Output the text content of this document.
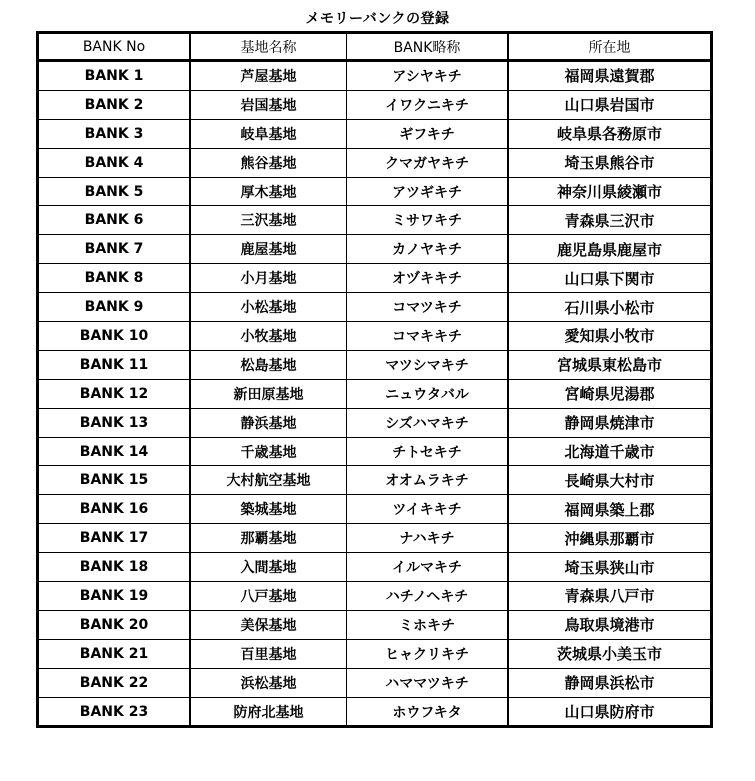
メモリーバンクの登録
BANK No	基地名称	BANK略称	所在地
BANK 1	芦屋基地	アシヤキチ	福岡県遠賀郡
BANK 2	岩国基地	イワクニキチ	山口県岩国市
BANK 3	岐阜基地	ギフキチ	岐阜県各務原市
BANK 4	熊谷基地	クマガヤキチ	埼玉県熊谷市
BANK 5	厚木基地	アツギキチ	神奈川県綾瀬市
BANK 6	三沢基地	ミサワキチ	青森県三沢市
BANK 7	鹿屋基地	カノヤキチ	鹿児島県鹿屋市
BANK 8	小月基地	オヅキキチ	山口県下関市
BANK 9	小松基地	コマツキチ	石川県小松市
BANK 10	小牧基地	コマキキチ	愛知県小牧市
BANK 11	松島基地	マツシマキチ	宮城県東松島市
BANK 12	新田原基地	ニュウタバル	宮崎県児湯郡
BANK 13	静浜基地	シズハマキチ	静岡県焼津市
BANK 14	千歳基地	チトセキチ	北海道千歳市
BANK 15	大村航空基地	オオムラキチ	長崎県大村市
BANK 16	築城基地	ツイキキチ	福岡県築上郡
BANK 17	那覇基地	ナハキチ	沖縄県那覇市
BANK 18	入間基地	イルマキチ	埼玉県狭山市
BANK 19	八戸基地	ハチノヘキチ	青森県八戸市
BANK 20	美保基地	ミホキチ	鳥取県境港市
BANK 21	百里基地	ヒャクリキチ	茨城県小美玉市
BANK 22	浜松基地	ハママツキチ	静岡県浜松市
BANK 23	防府北基地	ホウフキタ	山口県防府市
